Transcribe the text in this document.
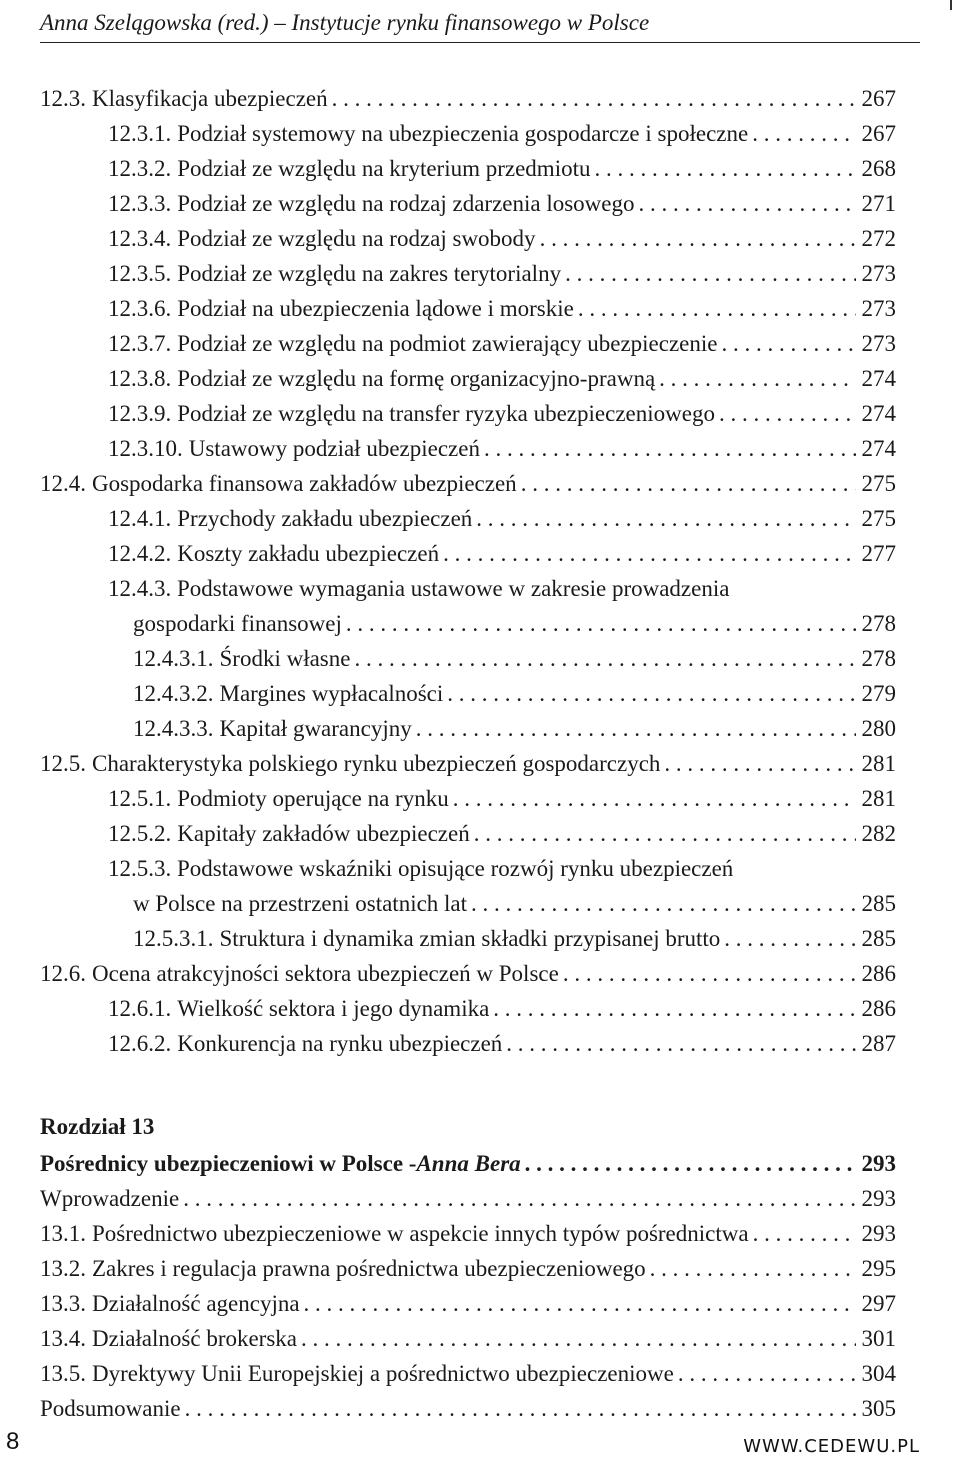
Anna Szelągowska (red.) – Instytucje rynku finansowego w Polsce
12.3. Klasyfikacja ubezpieczeń . . .	267
12.3.1. Podział systemowy na ubezpieczenia gospodarcze i społeczne . . .	267
12.3.2. Podział ze względu na kryterium przedmiotu . . .	268
12.3.3. Podział ze względu na rodzaj zdarzenia losowego . . .	271
12.3.4. Podział ze względu na rodzaj swobody . . .	272
12.3.5. Podział ze względu na zakres terytorialny . . .	273
12.3.6. Podział na ubezpieczenia lądowe i morskie . . .	273
12.3.7. Podział ze względu na podmiot zawierający ubezpieczenie . . .	273
12.3.8. Podział ze względu na formę organizacyjno-prawną . . .	274
12.3.9. Podział ze względu na transfer ryzyka ubezpieczeniowego . . .	274
12.3.10. Ustawowy podział ubezpieczeń . . .	274
12.4. Gospodarka finansowa zakładów ubezpieczeń . . .	275
12.4.1. Przychody zakładu ubezpieczeń . . .	275
12.4.2. Koszty zakładu ubezpieczeń . . .	277
12.4.3. Podstawowe wymagania ustawowe w zakresie prowadzenia
gospodarki finansowej . . .	278
12.4.3.1. Środki własne . . .	278
12.4.3.2. Margines wypłacalności . . .	279
12.4.3.3. Kapitał gwarancyjny . . .	280
12.5. Charakterystyka polskiego rynku ubezpieczeń gospodarczych . . .	281
12.5.1. Podmioty operujące na rynku . . .	281
12.5.2. Kapitały zakładów ubezpieczeń . . .	282
12.5.3. Podstawowe wskaźniki opisujące rozwój rynku ubezpieczeń
w Polsce na przestrzeni ostatnich lat . . .	285
12.5.3.1. Struktura i dynamika zmian składki przypisanej brutto . . .	285
12.6. Ocena atrakcyjności sektora ubezpieczeń w Polsce . . .	286
12.6.1. Wielkość sektora i jego dynamika . . .	286
12.6.2. Konkurencja na rynku ubezpieczeń . . .	287
Rozdział 13
Pośrednicy ubezpieczeniowi w Polsce - Anna Bera . . .	293
Wprowadzenie . . .	293
13.1. Pośrednictwo ubezpieczeniowe w aspekcie innych typów pośrednictwa . . .	293
13.2. Zakres i regulacja prawna pośrednictwa ubezpieczeniowego . . .	295
13.3. Działalność agencyjna . . .	297
13.4. Działalność brokerska . . .	301
13.5. Dyrektywy Unii Europejskiej a pośrednictwo ubezpieczeniowe . . .	304
Podsumowanie . . .	305
8	WWW.CEDEWU.PL
